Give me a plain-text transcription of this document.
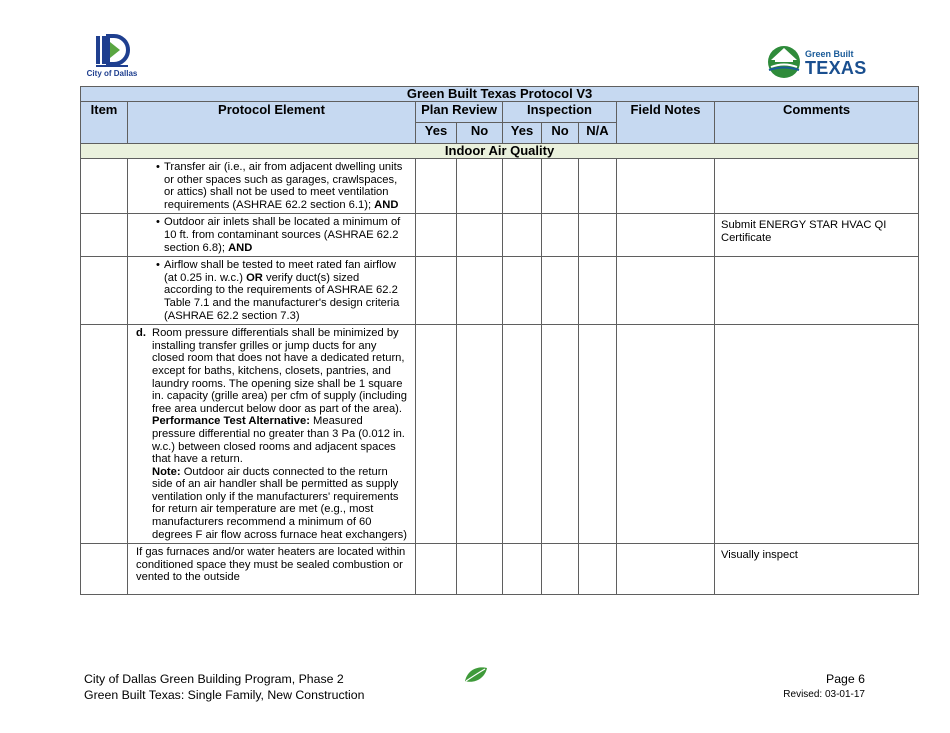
City of Dallas
Green Built
TEXAS
Green Built Texas Protocol V3								
Item	Protocol Element	Plan Review		Inspection			Field Notes	Comments
		Yes	No	Yes	No	N/A		
Indoor Air Quality								

	• Transfer air (i.e., air from adjacent dwelling units or other spaces such as garages, crawlspaces, or attics) shall not be used to meet ventilation requirements (ASHRAE 62.2 section 6.1); AND							

	• Outdoor air inlets shall be located a minimum of 10 ft. from contaminant sources (ASHRAE 62.2 section 6.8); AND							Submit ENERGY STAR HVAC QI Certificate

	• Airflow shall be tested to meet rated fan airflow (at 0.25 in. w.c.) OR verify duct(s) sized according to the requirements of ASHRAE 62.2 Table 7.1 and the manufacturer's design criteria (ASHRAE 62.2 section 7.3)							

	d. Room pressure differentials shall be minimized by installing transfer grilles or jump ducts for any closed room that does not have a dedicated return, except for baths, kitchens, closets, pantries, and laundry rooms. The opening size shall be 1 square in. capacity (grille area) per cfm of supply (including free area undercut below door as part of the area).
Performance Test Alternative: Measured pressure differential no greater than 3 Pa (0.012 in. w.c.) between closed rooms and adjacent spaces that have a return.
Note: Outdoor air ducts connected to the return side of an air handler shall be permitted as supply ventilation only if the manufacturers' requirements for return air temperature are met (e.g., most manufacturers recommend a minimum of 60 degrees F air flow across furnace heat exchangers)							

	If gas furnaces and/or water heaters are located within conditioned space they must be sealed combustion or vented to the outside							Visually inspect
City of Dallas Green Building Program, Phase 2
Green Built Texas: Single Family, New Construction
Page 6
Revised: 03-01-17
